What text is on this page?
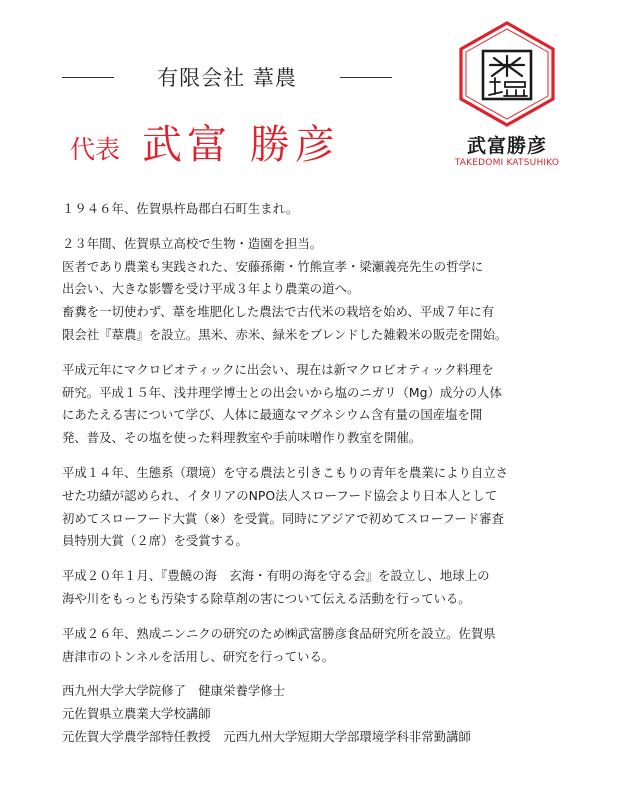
有限会社 葦農
代表 武富 勝彦	武富勝彦
TAKEDOMI KATSUHIKO

１９４６年、佐賀県杵島郡白石町生まれ。

２３年間、佐賀県立高校で生物・造園を担当。
医者であり農業も実践された、安藤孫衛・竹熊宣孝・梁瀬義亮先生の哲学に
出会い、大きな影響を受け平成３年より農業の道へ。
畜糞を一切使わず、葦を堆肥化した農法で古代米の栽培を始め、平成７年に有
限会社『葦農』を設立。黒米、赤米、緑米をブレンドした雑穀米の販売を開始。

平成元年にマクロビオティックに出会い、現在は新マクロビオティック料理を
研究。平成１５年、浅井理学博士との出会いから塩のニガリ（Mg）成分の人体
にあたえる害について学び、人体に最適なマグネシウム含有量の国産塩を開
発、普及、その塩を使った料理教室や手前味噌作り教室を開催。

平成１４年、生態系（環境）を守る農法と引きこもりの青年を農業により自立さ
せた功績が認められ、イタリアのNPO法人スローフード協会より日本人として
初めてスローフード大賞（※）を受賞。同時にアジアで初めてスローフード審査
員特別大賞（２席）を受賞する。

平成２０年１月、『豊饒の海　玄海・有明の海を守る会』を設立し、地球上の
海や川をもっとも汚染する除草剤の害について伝える活動を行っている。

平成２６年、熟成ニンニクの研究のため㈱武富勝彦食品研究所を設立。佐賀県
唐津市のトンネルを活用し、研究を行っている。

西九州大学大学院修了　健康栄養学修士
元佐賀県立農業大学校講師
元佐賀大学農学部特任教授　元西九州大学短期大学部環境学科非常勤講師
